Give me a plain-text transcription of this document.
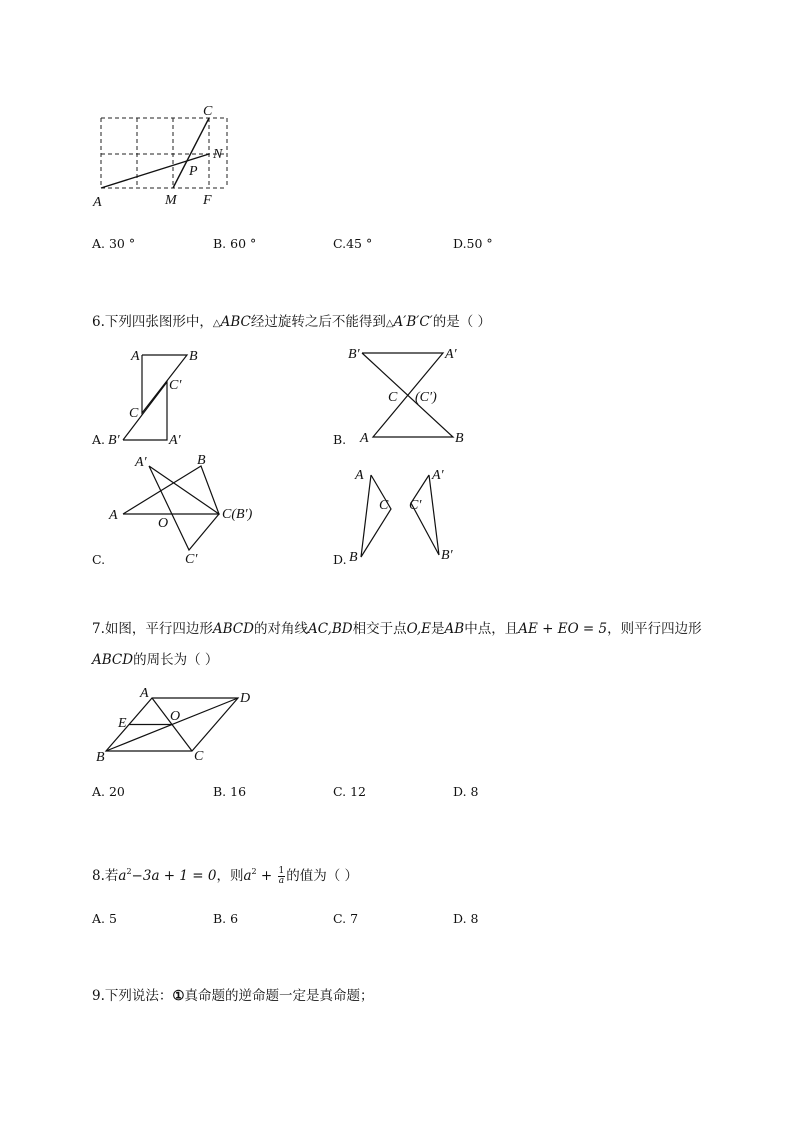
C
N
P
A	M F
A. 30 °	B. 60 °	C.45 °	D.50 °
6.下列四张图形中，△ABC经过旋转之后不能得到△A′B′C′的是（ ）
A	B
C′
C
B′	A′
A.
B′	A′
C (C′)
A	B
B.
A′	B
A
O
C(B′)
C′
C.
A
C
B
A′
C′
B′
D.
7.如图，平行四边形ABCD的对角线AC,BD相交于点O,E是AB中点，且AE + EO = 5，则平行四边形
ABCD的周长为（ ）
A	D
E	O
B	C
A. 20	B. 16	C. 12	D. 8
8.若$a^2-3a + 1 = 0$，则$a^2 + \frac{1}{a}$ 的值为（ ）
A. 5	B. 6	C. 7	D. 8
9.下列说法：①真命题的逆命题一定是真命题；
